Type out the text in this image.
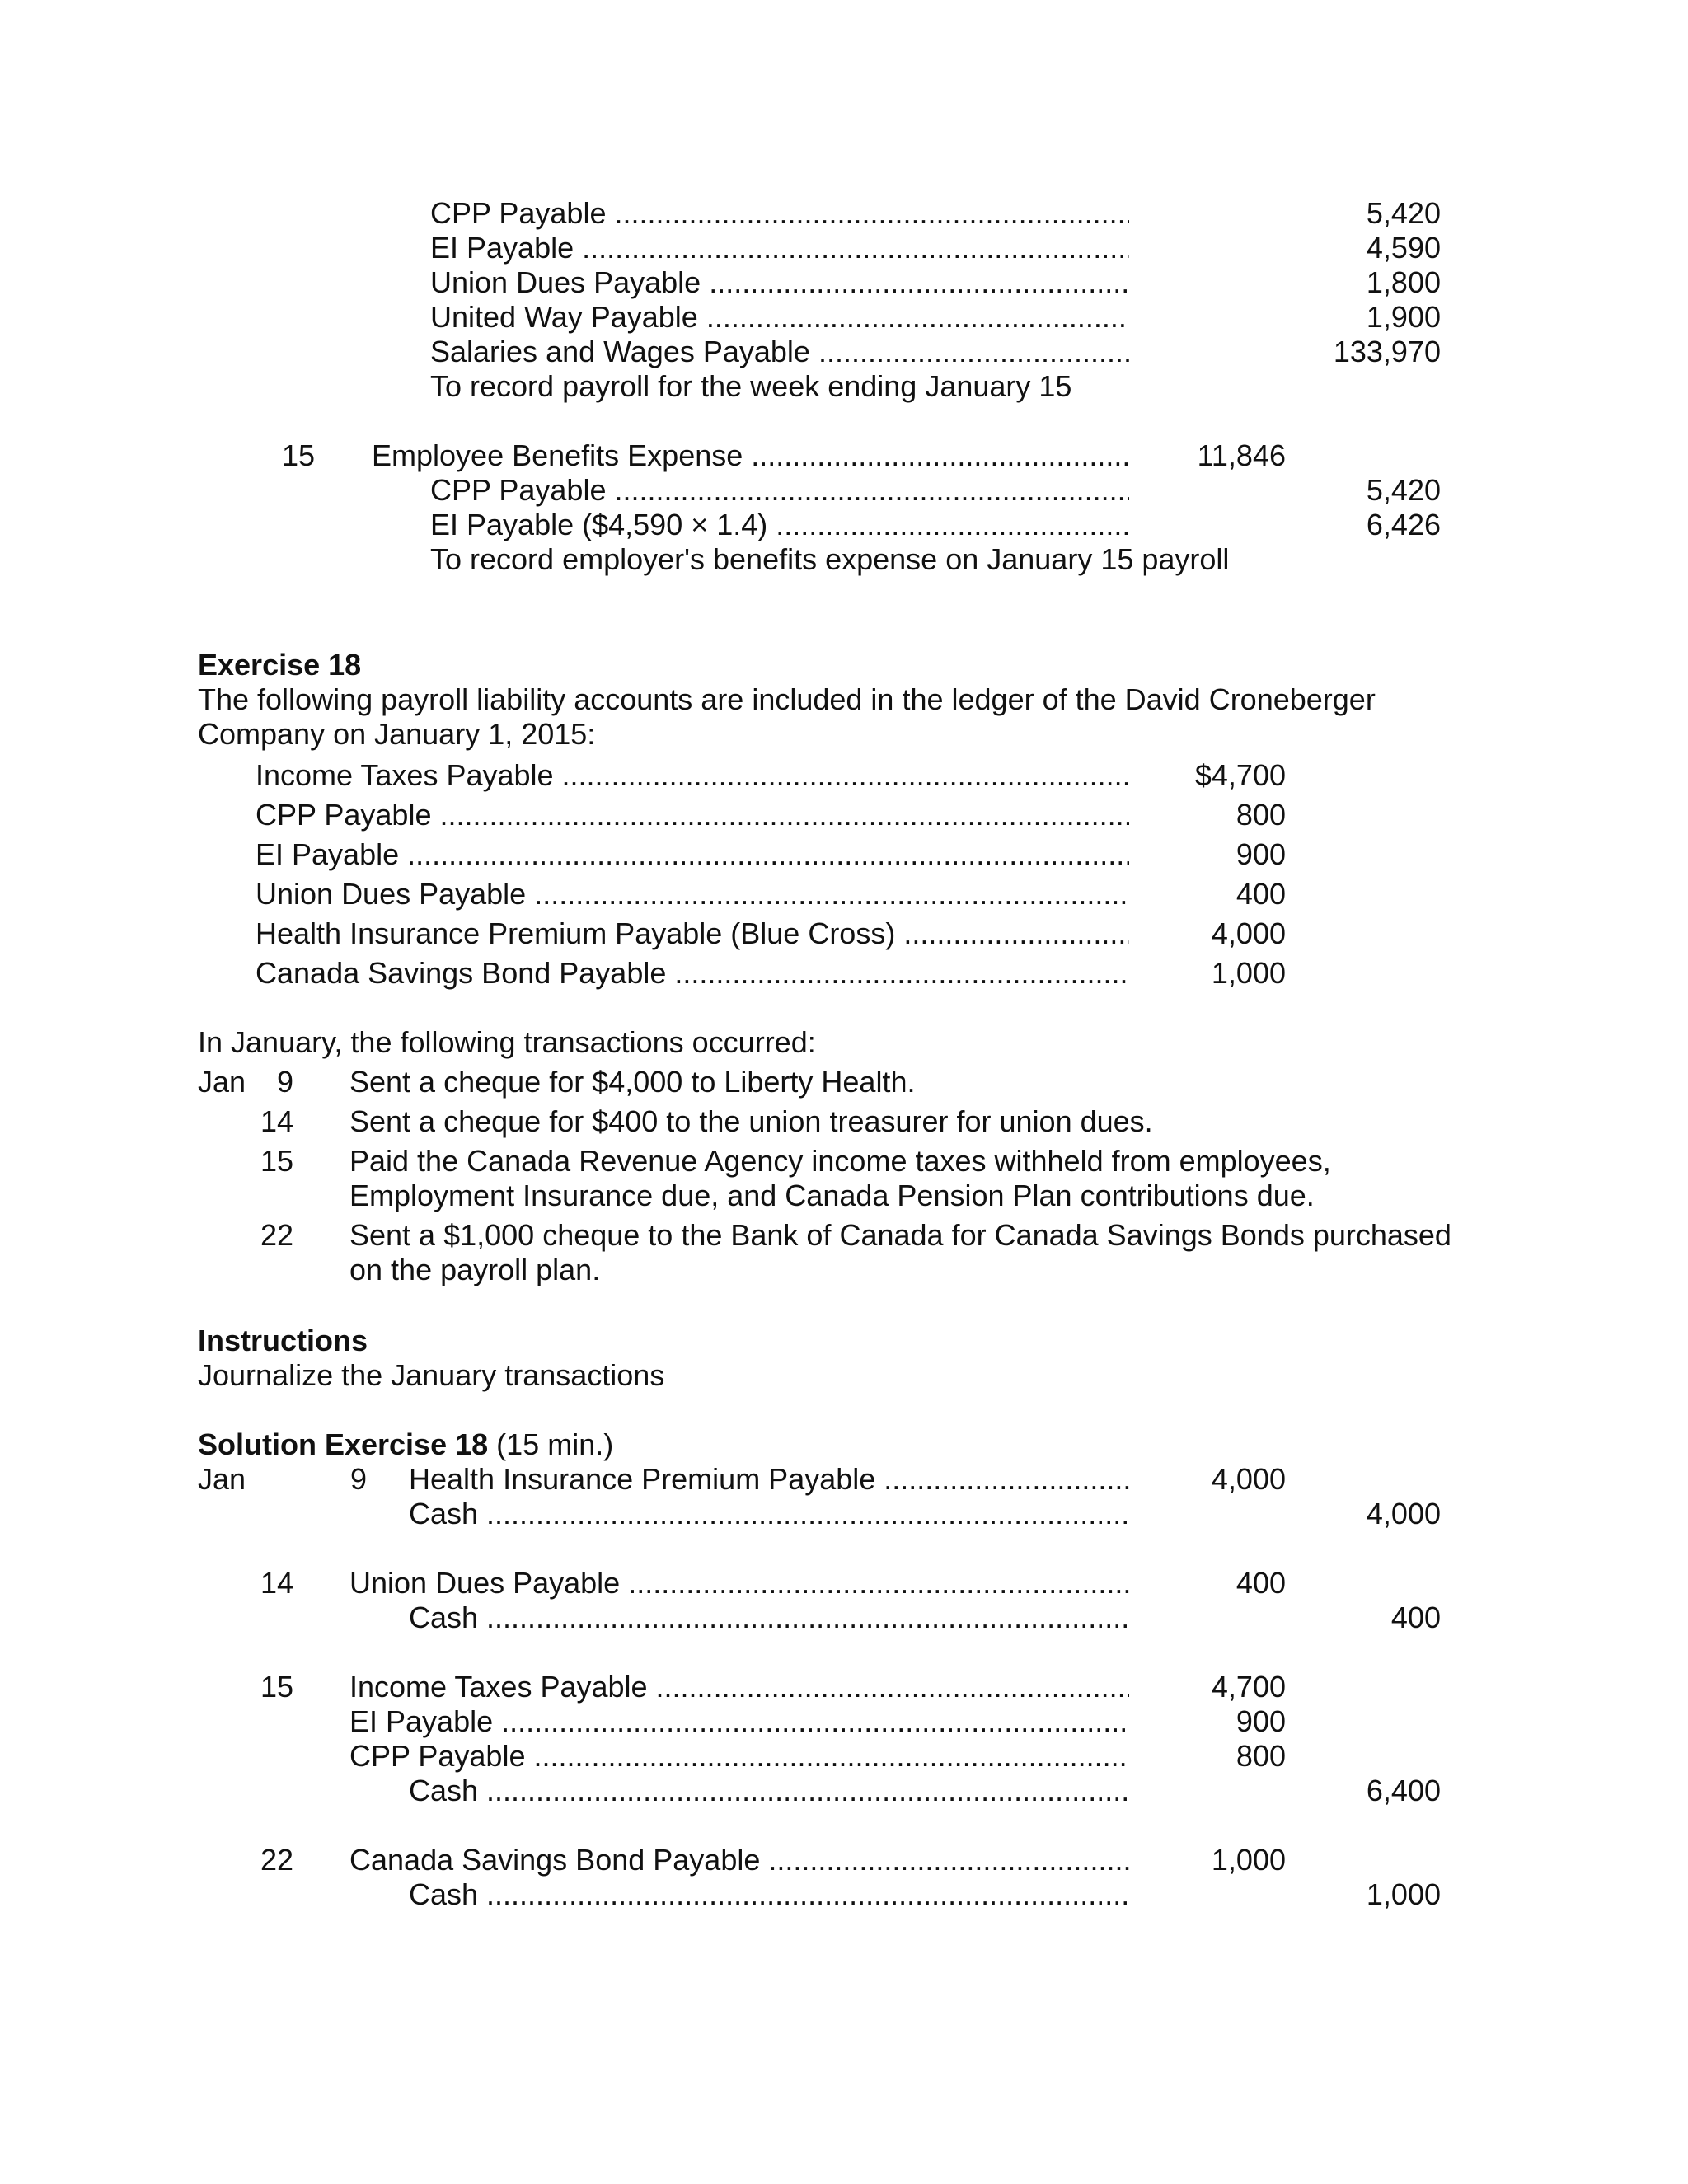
CPP Payable .....	5,420
EI Payable .....	4,590
Union Dues Payable .....	1,800
United Way Payable .....	1,900
Salaries and Wages Payable .....	133,970
To record payroll for the week ending January 15
15 Employee Benefits Expense .....	11,846
CPP Payable .....	5,420
EI Payable ($4,590 × 1.4) .....	6,426
To record employer's benefits expense on January 15 payroll
Exercise 18
The following payroll liability accounts are included in the ledger of the David Croneberger
Company on January 1, 2015:
Income Taxes Payable .....	$4,700
CPP Payable .....	800
EI Payable .....	900
Union Dues Payable .....	400
Health Insurance Premium Payable (Blue Cross) .....	4,000
Canada Savings Bond Payable .....	1,000
In January, the following transactions occurred:
Jan	9 Sent a cheque for $4,000 to Liberty Health.
14 Sent a cheque for $400 to the union treasurer for union dues.
15 Paid the Canada Revenue Agency income taxes withheld from employees,
Employment Insurance due, and Canada Pension Plan contributions due.
22 Sent a $1,000 cheque to the Bank of Canada for Canada Savings Bonds purchased
on the payroll plan.
Instructions
Journalize the January transactions
Solution Exercise 18 (15 min.)
Jan	9 Health Insurance Premium Payable .....	4,000
Cash .....	4,000
14 Union Dues Payable .....	400
Cash .....	400
15 Income Taxes Payable .....	4,700
EI Payable .....	900
CPP Payable .....	800
Cash .....	6,400
22 Canada Savings Bond Payable .....	1,000
Cash .....	1,000
